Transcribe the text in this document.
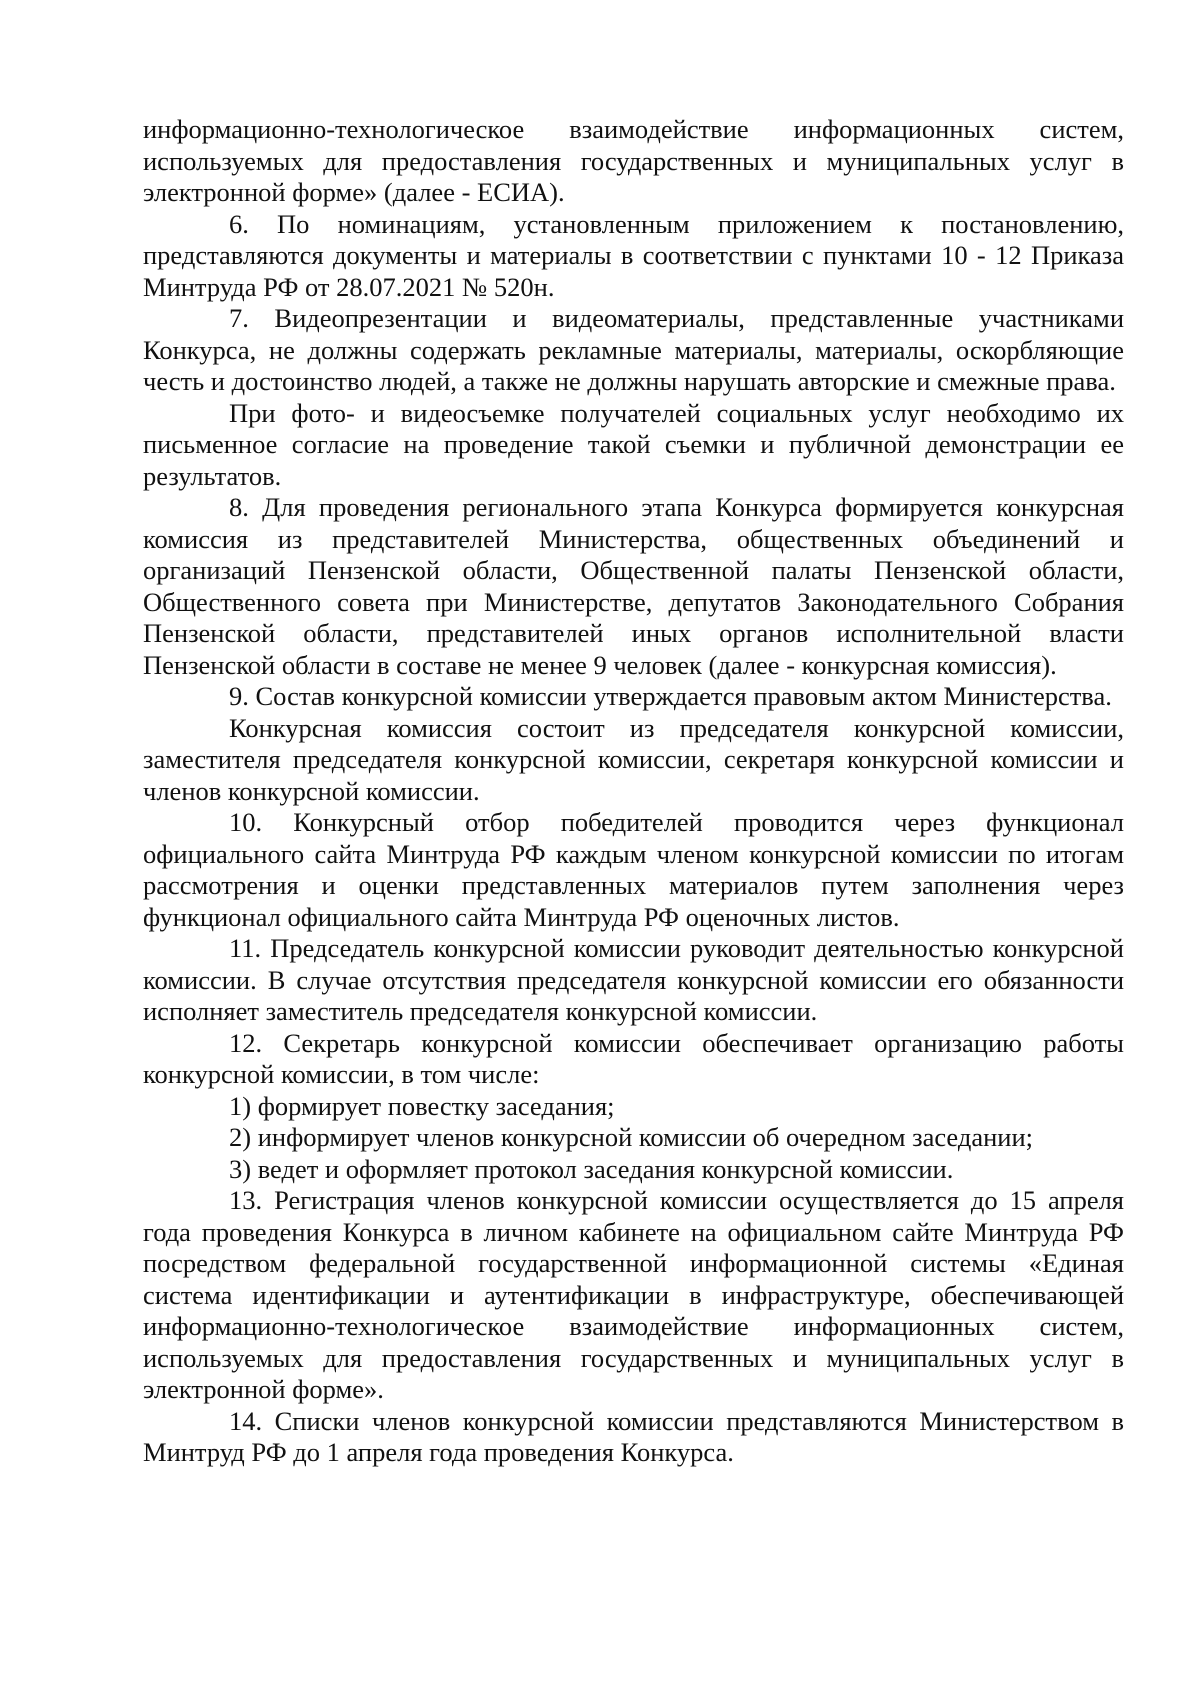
информационно-технологическое взаимодействие информационных систем, используемых для предоставления государственных и муниципальных услуг в электронной форме» (далее - ЕСИА).

6. По номинациям, установленным приложением к постановлению, представляются документы и материалы в соответствии с пунктами 10 - 12 Приказа Минтруда РФ от 28.07.2021 № 520н.

7. Видеопрезентации и видеоматериалы, представленные участниками Конкурса, не должны содержать рекламные материалы, материалы, оскорбляющие честь и достоинство людей, а также не должны нарушать авторские и смежные права.

При фото- и видеосъемке получателей социальных услуг необходимо их письменное согласие на проведение такой съемки и публичной демонстрации ее результатов.

8. Для проведения регионального этапа Конкурса формируется конкурсная комиссия из представителей Министерства, общественных объединений и организаций Пензенской области, Общественной палаты Пензенской области, Общественного совета при Министерстве, депутатов Законодательного Собрания Пензенской области, представителей иных органов исполнительной власти Пензенской области в составе не менее 9 человек (далее - конкурсная комиссия).

9. Состав конкурсной комиссии утверждается правовым актом Министерства.

Конкурсная комиссия состоит из председателя конкурсной комиссии, заместителя председателя конкурсной комиссии, секретаря конкурсной комиссии и членов конкурсной комиссии.

10. Конкурсный отбор победителей проводится через функционал официального сайта Минтруда РФ каждым членом конкурсной комиссии по итогам рассмотрения и оценки представленных материалов путем заполнения через функционал официального сайта Минтруда РФ оценочных листов.

11. Председатель конкурсной комиссии руководит деятельностью конкурсной комиссии. В случае отсутствия председателя конкурсной комиссии его обязанности исполняет заместитель председателя конкурсной комиссии.

12. Секретарь конкурсной комиссии обеспечивает организацию работы конкурсной комиссии, в том числе:

1) формирует повестку заседания;

2) информирует членов конкурсной комиссии об очередном заседании;

3) ведет и оформляет протокол заседания конкурсной комиссии.

13. Регистрация членов конкурсной комиссии осуществляется до 15 апреля года проведения Конкурса в личном кабинете на официальном сайте Минтруда РФ посредством федеральной государственной информационной системы «Единая система идентификации и аутентификации в инфраструктуре, обеспечивающей информационно-технологическое взаимодействие информационных систем, используемых для предоставления государственных и муниципальных услуг в электронной форме».

14. Списки членов конкурсной комиссии представляются Министерством в Минтруд РФ до 1 апреля года проведения Конкурса.
